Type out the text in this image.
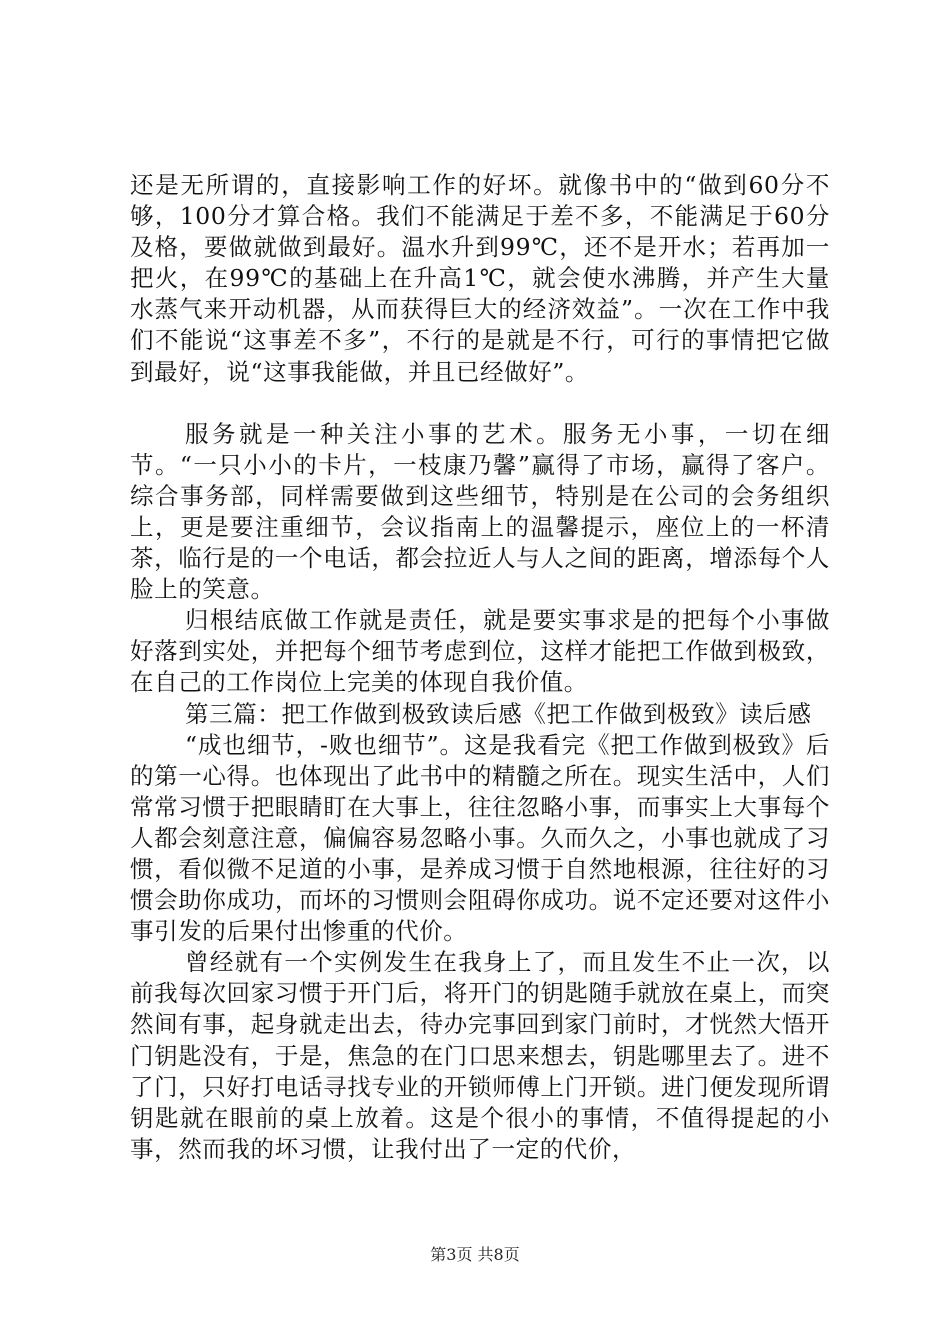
还是无所谓的，直接影响工作的好坏。就像书中的“做到60分不够，100分才算合格。我们不能满足于差不多，不能满足于60分及格，要做就做到最好。温水升到99℃，还不是开水；若再加一把火，在99℃的基础上在升高1℃，就会使水沸腾，并产生大量水蒸气来开动机器，从而获得巨大的经济效益”。一次在工作中我们不能说“这事差不多”，不行的是就是不行，可行的事情把它做到最好，说“这事我能做，并且已经做好”。

服务就是一种关注小事的艺术。服务无小事，一切在细节。“一只小小的卡片，一枝康乃馨”赢得了市场，赢得了客户。综合事务部，同样需要做到这些细节，特别是在公司的会务组织上，更是要注重细节，会议指南上的温馨提示，座位上的一杯清茶，临行是的一个电话，都会拉近人与人之间的距离，增添每个人脸上的笑意。

归根结底做工作就是责任，就是要实事求是的把每个小事做好落到实处，并把每个细节考虑到位，这样才能把工作做到极致，在自己的工作岗位上完美的体现自我价值。

第三篇：把工作做到极致读后感《把工作做到极致》读后感

“成也细节，-败也细节”。这是我看完《把工作做到极致》后的第一心得。也体现出了此书中的精髓之所在。现实生活中，人们常常习惯于把眼睛盯在大事上，往往忽略小事，而事实上大事每个人都会刻意注意，偏偏容易忽略小事。久而久之，小事也就成了习惯，看似微不足道的小事，是养成习惯于自然地根源，往往好的习惯会助你成功，而坏的习惯则会阻碍你成功。说不定还要对这件小事引发的后果付出惨重的代价。

曾经就有一个实例发生在我身上了，而且发生不止一次，以前我每次回家习惯于开门后，将开门的钥匙随手就放在桌上，而突然间有事，起身就走出去，待办完事回到家门前时，才恍然大悟开门钥匙没有，于是，焦急的在门口思来想去，钥匙哪里去了。进不了门，只好打电话寻找专业的开锁师傅上门开锁。进门便发现所谓钥匙就在眼前的桌上放着。这是个很小的事情，不值得提起的小事，然而我的坏习惯，让我付出了一定的代价，

第3页 共8页
